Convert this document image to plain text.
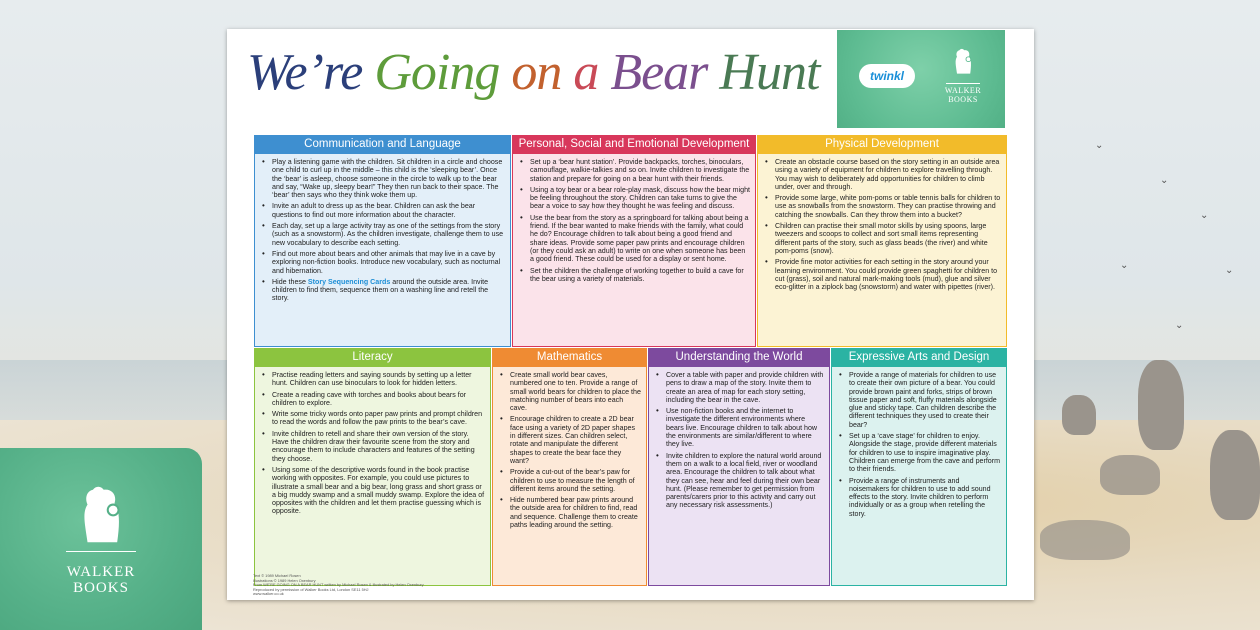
⌄
⌄
⌄
⌄	⌄
⌄
WALKER
BOOKS
We’re Going on a Bear Hunt	twinkl
WALKER
BOOKS
Communication and Language
• Play a listening game with the children. Sit children in a circle and choose one child to curl up in the middle – this child is the ‘sleeping bear’. Once the ‘bear’ is asleep, choose someone in the circle to walk up to the bear and say, “Wake up, sleepy bear!” They then run back to their space. The ‘bear’ then says who they think woke them up.
• Invite an adult to dress up as the bear. Children can ask the bear questions to find out more information about the character.
• Each day, set up a large activity tray as one of the settings from the story (such as a snowstorm). As the children investigate, challenge them to use new vocabulary to describe each setting.
• Find out more about bears and other animals that may live in a cave by exploring non-fiction books. Introduce new vocabulary, such as nocturnal and hibernation.
• Hide these Story Sequencing Cards around the outside area. Invite children to find them, sequence them on a washing line and retell the story.
Personal, Social and Emotional Development
• Set up a ‘bear hunt station’. Provide backpacks, torches, binoculars, camouflage, walkie-talkies and so on. Invite children to investigate the station and prepare for going on a bear hunt with their friends.
• Using a toy bear or a bear role-play mask, discuss how the bear might be feeling throughout the story. Children can take turns to give the bear a voice to say how they thought he was feeling and discuss.
• Use the bear from the story as a springboard for talking about being a friend. If the bear wanted to make friends with the family, what could he do? Encourage children to talk about being a good friend and share ideas. Provide some paper paw prints and encourage children (or they could ask an adult) to write on one when someone has been a good friend. These could be used for a display or sent home.
• Set the children the challenge of working together to build a cave for the bear using a variety of materials.
Physical Development
• Create an obstacle course based on the story setting in an outside area using a variety of equipment for children to explore travelling through. You may wish to deliberately add opportunities for children to climb under, over and through.
• Provide some large, white pom-poms or table tennis balls for children to use as snowballs from the snowstorm. They can practise throwing and catching the snowballs. Can they throw them into a bucket?
• Children can practise their small motor skills by using spoons, large tweezers and scoops to collect and sort small items representing different parts of the story, such as glass beads (the river) and white pom-poms (snow).
• Provide fine motor activities for each setting in the story around your learning environment. You could provide green spaghetti for children to cut (grass), soil and natural mark-making tools (mud), glue and silver eco-glitter in a ziplock bag (snowstorm) and water with pipettes (river).
Literacy
• Practise reading letters and saying sounds by setting up a letter hunt. Children can use binoculars to look for hidden letters.
• Create a reading cave with torches and books about bears for children to explore.
• Write some tricky words onto paper paw prints and prompt children to read the words and follow the paw prints to the bear’s cave.
• Invite children to retell and share their own version of the story. Have the children draw their favourite scene from the story and encourage them to include characters and features of the setting they choose.
• Using some of the descriptive words found in the book practise working with opposites. For example, you could use pictures to illustrate a small bear and a big bear, long grass and short grass or a big muddy swamp and a small muddy swamp. Explore the idea of opposites with the children and let them practise guessing which is opposite.
Mathematics
• Create small world bear caves, numbered one to ten. Provide a range of small world bears for children to place the matching number of bears into each cave.
• Encourage children to create a 2D bear face using a variety of 2D paper shapes in different sizes. Can children select, rotate and manipulate the different shapes to create the bear face they want?
• Provide a cut-out of the bear’s paw for children to use to measure the length of different items around the setting.
• Hide numbered bear paw prints around the outside area for children to find, read and sequence. Challenge them to create paths leading around the setting.
Understanding the World
• Cover a table with paper and provide children with pens to draw a map of the story. Invite them to create an area of map for each story setting, including the bear in the cave.
• Use non-fiction books and the internet to investigate the different environments where bears live. Encourage children to talk about how the environments are similar/different to where they live.
• Invite children to explore the natural world around them on a walk to a local field, river or woodland area. Encourage the children to talk about what they can see, hear and feel during their own bear hunt. (Please remember to get permission from parents/carers prior to this activity and carry out any necessary risk assessments.)
Expressive Arts and Design
• Provide a range of materials for children to use to create their own picture of a bear. You could provide brown paint and forks, strips of brown tissue paper and soft, fluffy materials alongside glue and sticky tape. Can children describe the different techniques they used to create their bear?
• Set up a ‘cave stage’ for children to enjoy. Alongside the stage, provide different materials for children to use to inspire imaginative play. Children can emerge from the cave and perform to their friends.
• Provide a range of instruments and noisemakers for children to use to add sound effects to the story. Invite children to perform individually or as a group when retelling the story.
Text © 1989 Michael Rosen
Illustrations © 1989 Helen Oxenbury
From WE'RE GOING ON A BEAR HUNT written by Michael Rosen & illustrated by Helen Oxenbury
Reproduced by permission of Walker Books Ltd, London SE11 5HJ
www.walker.co.uk
